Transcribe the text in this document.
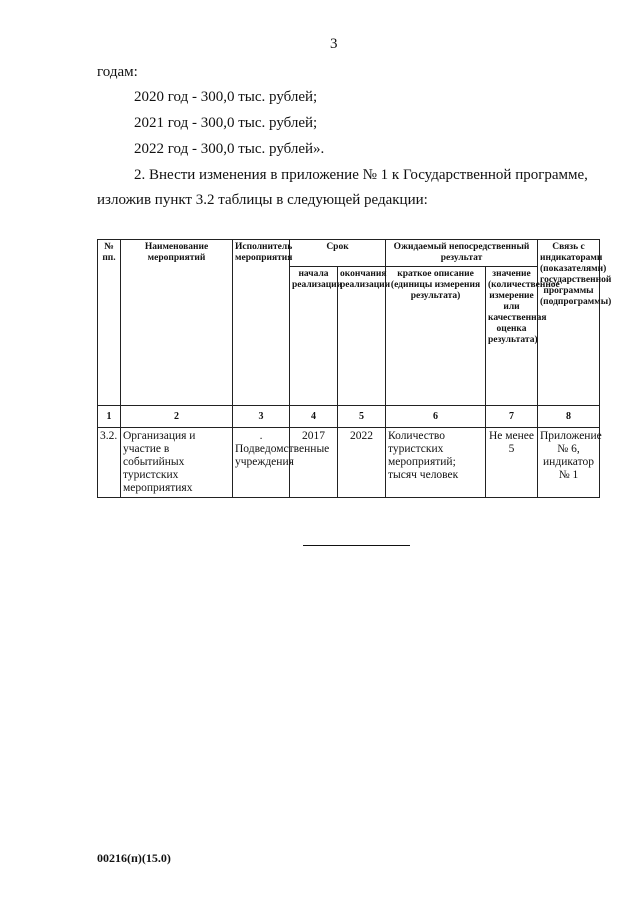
3
годам:
2020 год - 300,0 тыс. рублей;
2021 год - 300,0 тыс. рублей;
2022 год - 300,0 тыс. рублей».
2. Внести изменения в приложение № 1 к Государственной программе,
изложив пункт 3.2 таблицы в следующей редакции:
№ пп.	Наименование мероприятий	Исполнитель мероприятия	Срок		Ожидаемый непосредственный результат		Связь с индикаторами (показателями) государственной программы (подпрограммы)
			начала реализации	окончания реализации	краткое описание (единицы измерения результата)	значение (количественное измерение или качественная оценка результата)	
1	2	3	4	5	6	7	8
3.2.	Организация и участие в событийных туристских мероприятиях	. Подведомственные учреждения	2017	2022	Количество туристских мероприятий; тысяч человек	Не менее 5	Приложение № 6, индикатор № 1
00216(п)(15.0)
